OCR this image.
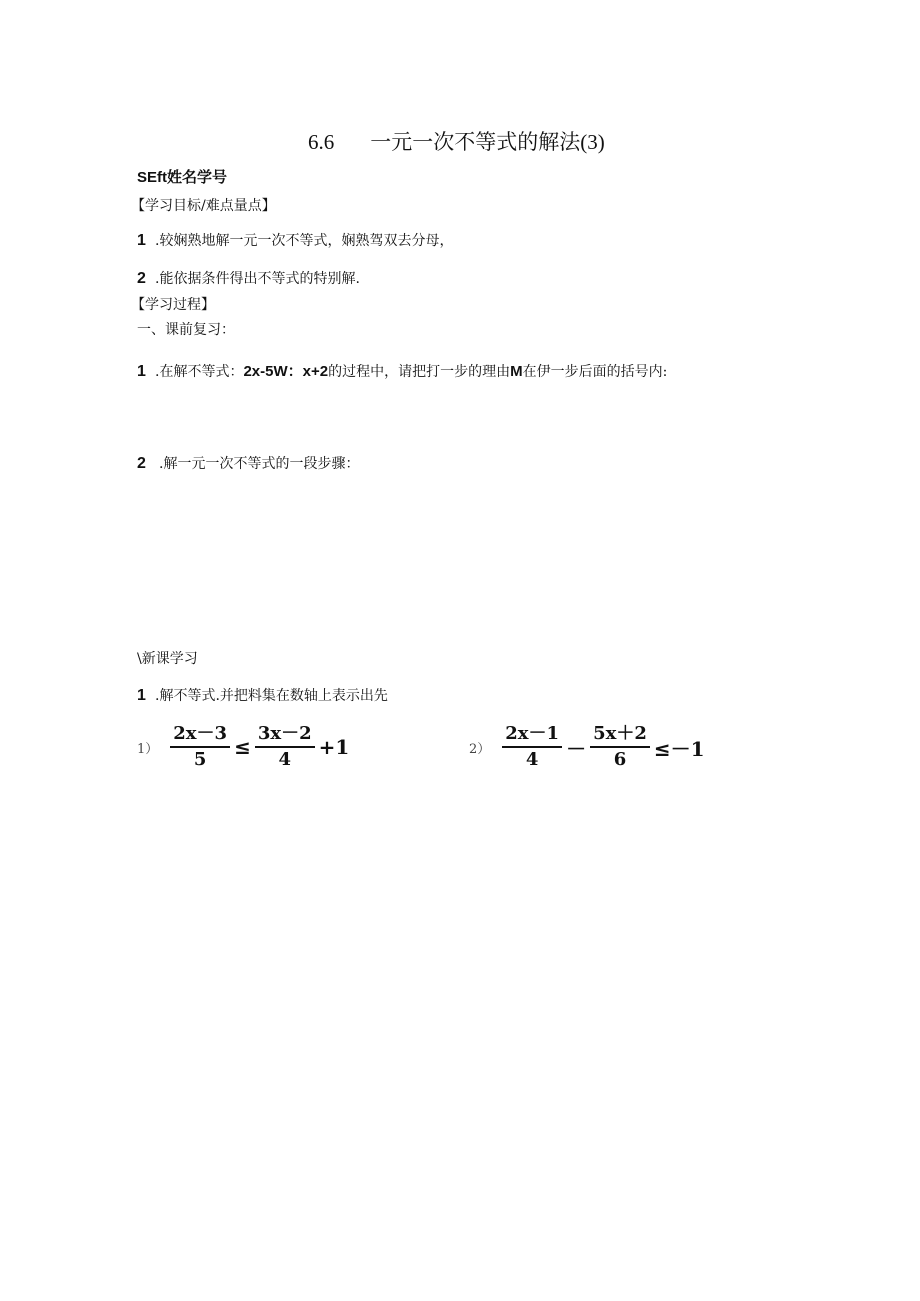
6.6 一元一次不等式的解法(3)
SEft姓名学号
【学习目标/难点量点】
1 .较娴熟地解一元一次不等式，娴熟驾双去分母，
2 .能依据条件得出不等式的特别解.
【学习过程】
一、课前复习：
1 .在解不等式：2x-5W：x+2的过程中，请把打一步的理由M在伊一步后面的括号内:
2 .解一元一次不等式的一段步骤：
\新课学习
1 .解不等式.并把料集在数轴上表示出先
$1) \frac{2x-3}{5} \le \frac{3x-2}{4} +1$	$2) \frac{2x-1}{4} - \frac{5x+2}{6} \le-1$
